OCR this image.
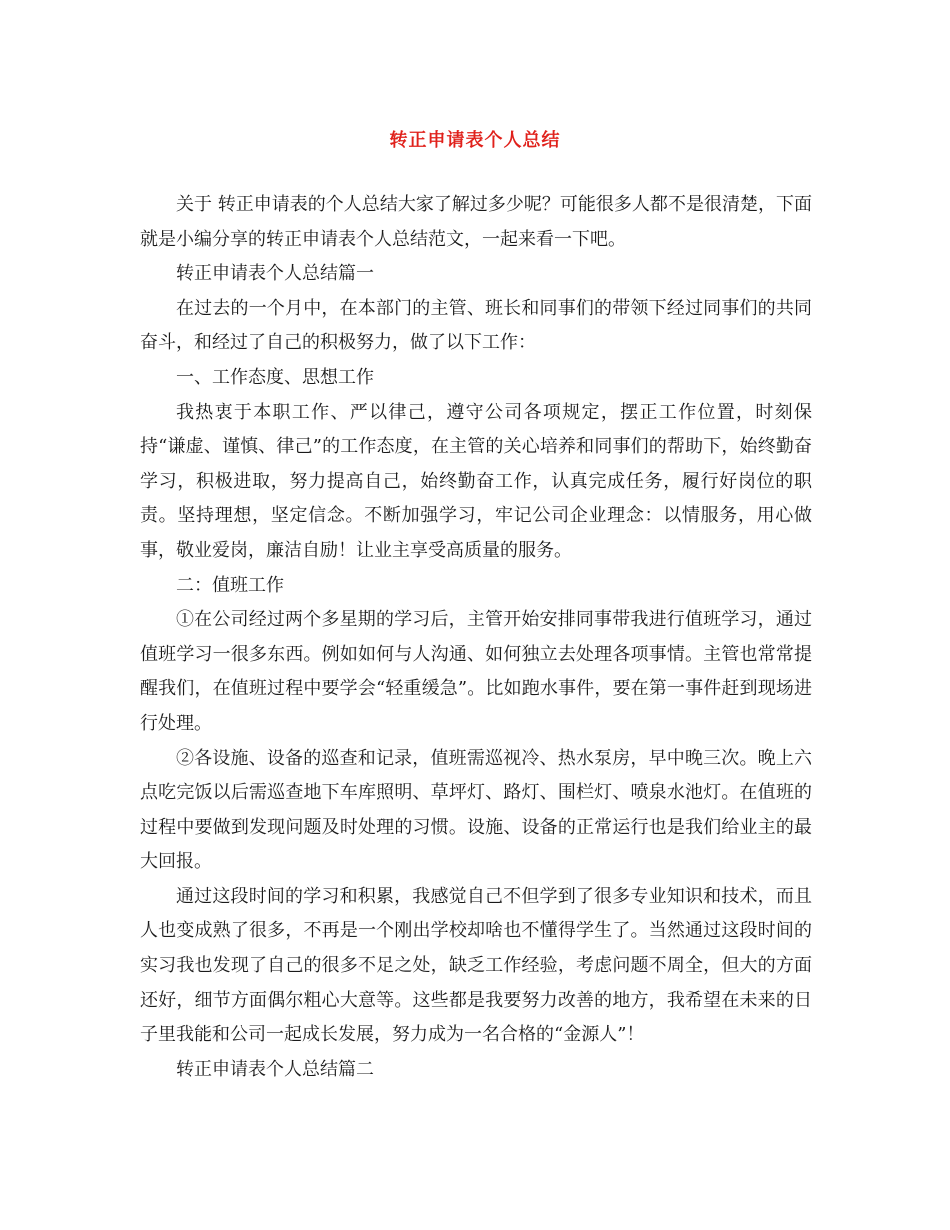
转正申请表个人总结

关于 转正申请表的个人总结大家了解过多少呢？可能很多人都不是很清楚，下面就是小编分享的转正申请表个人总结范文，一起来看一下吧。

转正申请表个人总结篇一

在过去的一个月中，在本部门的主管、班长和同事们的带领下经过同事们的共同奋斗，和经过了自己的积极努力，做了以下工作：

一、工作态度、思想工作

我热衷于本职工作、严以律己，遵守公司各项规定，摆正工作位置，时刻保持“谦虚、谨慎、律己”的工作态度，在主管的关心培养和同事们的帮助下，始终勤奋学习，积极进取，努力提高自己，始终勤奋工作，认真完成任务，履行好岗位的职责。坚持理想，坚定信念。不断加强学习，牢记公司企业理念：以情服务，用心做事，敬业爱岗，廉洁自励！让业主享受高质量的服务。

二：值班工作

①在公司经过两个多星期的学习后，主管开始安排同事带我进行值班学习，通过值班学习一很多东西。例如如何与人沟通、如何独立去处理各项事情。主管也常常提醒我们，在值班过程中要学会“轻重缓急”。比如跑水事件，要在第一事件赶到现场进行处理。

②各设施、设备的巡查和记录，值班需巡视冷、热水泵房，早中晚三次。晚上六点吃完饭以后需巡查地下车库照明、草坪灯、路灯、围栏灯、喷泉水池灯。在值班的过程中要做到发现问题及时处理的习惯。设施、设备的正常运行也是我们给业主的最大回报。

通过这段时间的学习和积累，我感觉自己不但学到了很多专业知识和技术，而且人也变成熟了很多，不再是一个刚出学校却啥也不懂得学生了。当然通过这段时间的实习我也发现了自己的很多不足之处，缺乏工作经验，考虑问题不周全，但大的方面还好，细节方面偶尔粗心大意等。这些都是我要努力改善的地方，我希望在未来的日子里我能和公司一起成长发展，努力成为一名合格的“金源人”！

转正申请表个人总结篇二
